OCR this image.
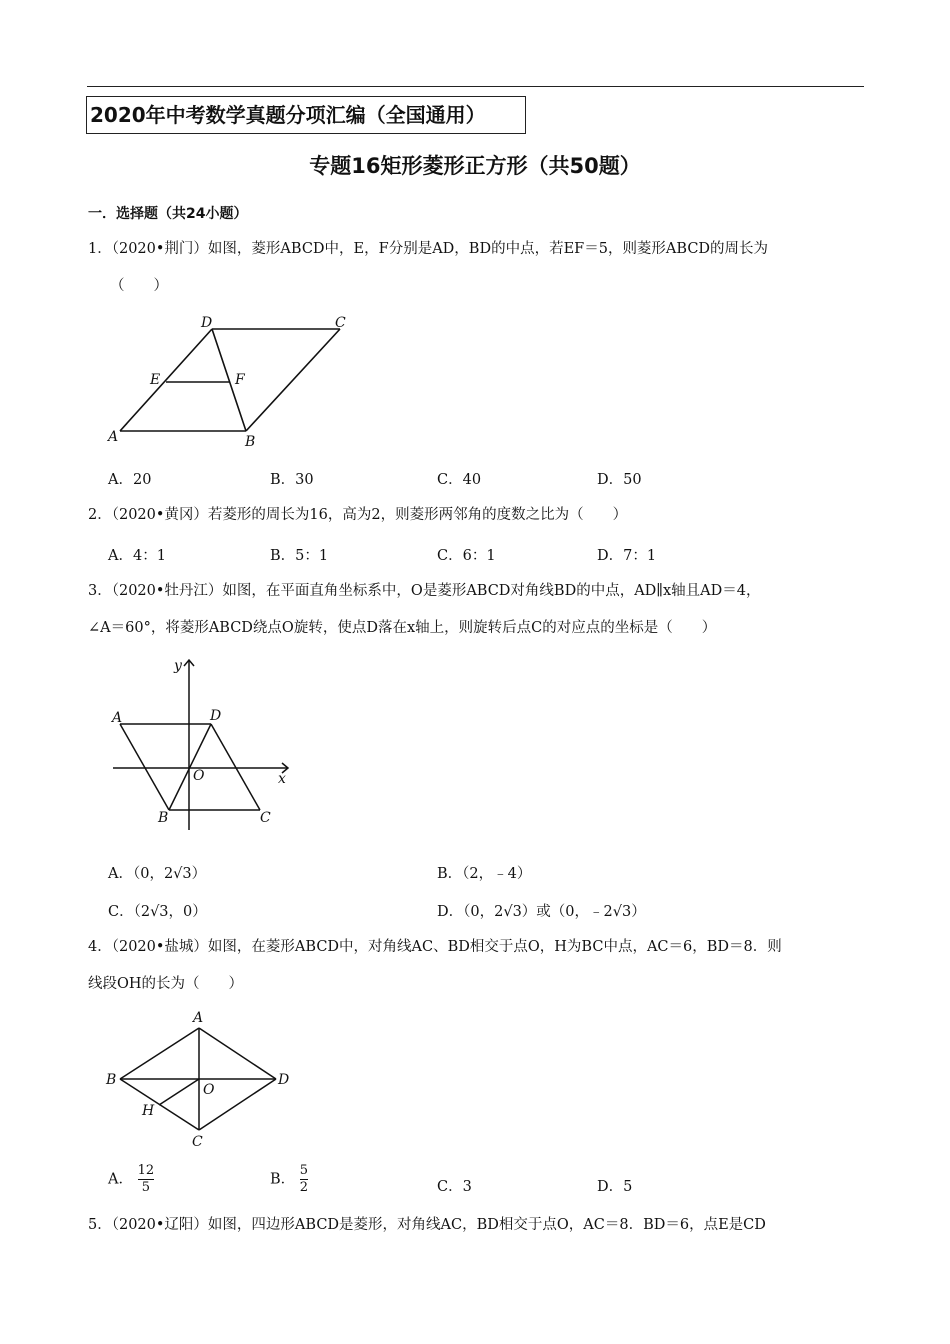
2020年中考数学真题分项汇编（全国通用）
专题16矩形菱形正方形（共50题）
一．选择题（共24小题）
1．（2020•荆门）如图，菱形ABCD中，E，F分别是AD，BD的中点，若EF＝5，则菱形ABCD的周长为
（　　）
D	C
E	F
A	B
A．20	B．30	C．40	D．50
2．（2020•黄冈）若菱形的周长为16，高为2，则菱形两邻角的度数之比为（　　）
A．4：1	B．5：1	C．6：1	D．7：1
3．（2020•牡丹江）如图，在平面直角坐标系中，O是菱形ABCD对角线BD的中点，AD∥x轴且AD＝4，
∠A＝60°，将菱形ABCD绕点O旋转，使点D落在x轴上，则旋转后点C的对应点的坐标是（　　）
y
x
A	D
O
B	C
A．（0，2√3）	B．（2，﹣4）
C．（2√3，0）	D．（0，2√3）或（0，﹣2√3）
4．（2020•盐城）如图，在菱形ABCD中，对角线AC、BD相交于点O，H为BC中点，AC＝6，BD＝8．则
线段OH的长为（　　）
A
B	D
O
H
C
A． $\frac{12}{5}$	B． $\frac{5}{2}$	C．3	D．5
5．（2020•辽阳）如图，四边形ABCD是菱形，对角线AC，BD相交于点O，AC＝8．BD＝6，点E是CD
